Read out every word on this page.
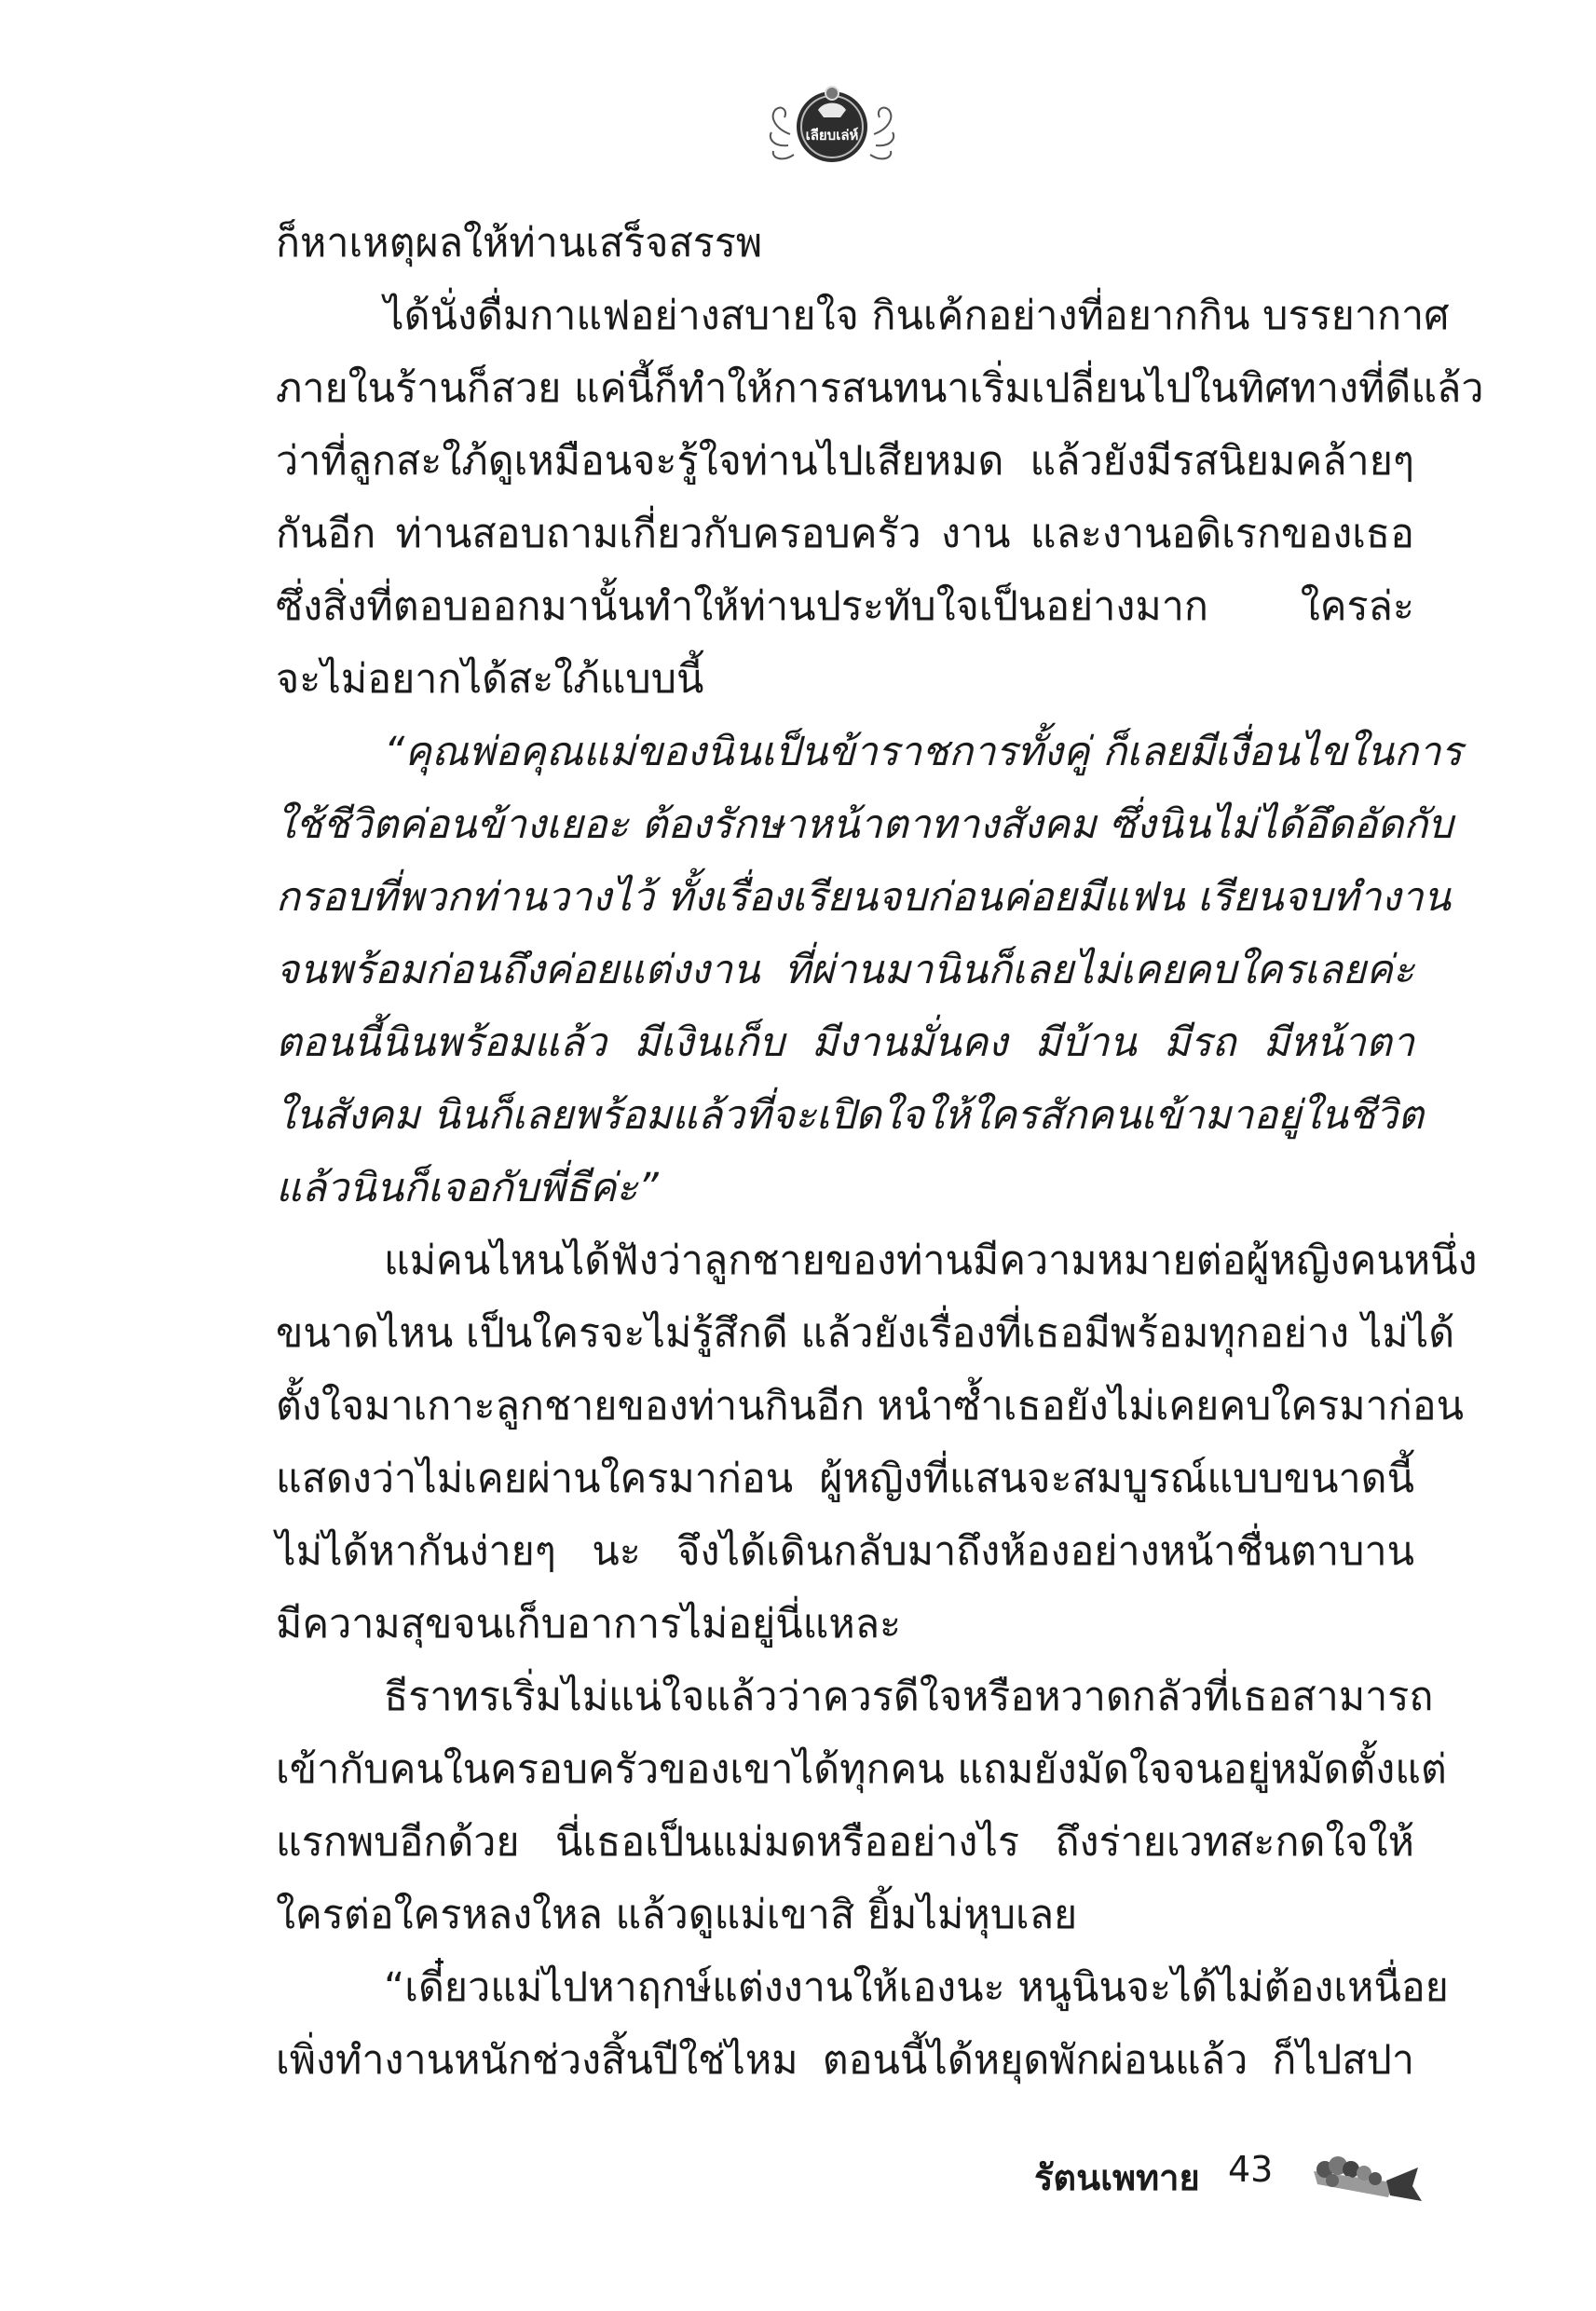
เลียบเล่ห์
ก็หาเหตุผลให้ท่านเสร็จสรรพ
ได้นั่งดื่มกาแฟอย่างสบายใจ กินเค้กอย่างที่อยากกิน บรรยากาศ
ภายในร้านก็สวย แค่นี้ก็ทำให้การสนทนาเริ่มเปลี่ยนไปในทิศทางที่ดีแล้ว
ว่าที่ลูกสะใภ้ดูเหมือนจะรู้ใจท่านไปเสียหมด แล้วยังมีรสนิยมคล้ายๆ
กันอีก ท่านสอบถามเกี่ยวกับครอบครัว งาน และงานอดิเรกของเธอ
ซึ่งสิ่งที่ตอบออกมานั้นทำให้ท่านประทับใจเป็นอย่างมาก ใครล่ะ
จะไม่อยากได้สะใภ้แบบนี้
“คุณพ่อคุณแม่ของนินเป็นข้าราชการทั้งคู่ ก็เลยมีเงื่อนไขในการ
ใช้ชีวิตค่อนข้างเยอะ ต้องรักษาหน้าตาทางสังคม ซึ่งนินไม่ได้อึดอัดกับ
กรอบที่พวกท่านวางไว้ ทั้งเรื่องเรียนจบก่อนค่อยมีแฟน เรียนจบทำงาน
จนพร้อมก่อนถึงค่อยแต่งงาน ที่ผ่านมานินก็เลยไม่เคยคบใครเลยค่ะ
ตอนนี้นินพร้อมแล้ว มีเงินเก็บ มีงานมั่นคง มีบ้าน มีรถ มีหน้าตา
ในสังคม นินก็เลยพร้อมแล้วที่จะเปิดใจให้ใครสักคนเข้ามาอยู่ในชีวิต
แล้วนินก็เจอกับพี่ธีค่ะ”
แม่คนไหนได้ฟังว่าลูกชายของท่านมีความหมายต่อผู้หญิงคนหนึ่ง
ขนาดไหน เป็นใครจะไม่รู้สึกดี แล้วยังเรื่องที่เธอมีพร้อมทุกอย่าง ไม่ได้
ตั้งใจมาเกาะลูกชายของท่านกินอีก หนำซ้ำเธอยังไม่เคยคบใครมาก่อน
แสดงว่าไม่เคยผ่านใครมาก่อน ผู้หญิงที่แสนจะสมบูรณ์แบบขนาดนี้
ไม่ได้หากันง่ายๆ นะ จึงได้เดินกลับมาถึงห้องอย่างหน้าชื่นตาบาน
มีความสุขจนเก็บอาการไม่อยู่นี่แหละ
ธีราทรเริ่มไม่แน่ใจแล้วว่าควรดีใจหรือหวาดกลัวที่เธอสามารถ
เข้ากับคนในครอบครัวของเขาได้ทุกคน แถมยังมัดใจจนอยู่หมัดตั้งแต่
แรกพบอีกด้วย นี่เธอเป็นแม่มดหรืออย่างไร ถึงร่ายเวทสะกดใจให้
ใครต่อใครหลงใหล แล้วดูแม่เขาสิ ยิ้มไม่หุบเลย
“เดี๋ยวแม่ไปหาฤกษ์แต่งงานให้เองนะ หนูนินจะได้ไม่ต้องเหนื่อย
เพิ่งทำงานหนักช่วงสิ้นปีใช่ไหม ตอนนี้ได้หยุดพักผ่อนแล้ว ก็ไปสปา
รัตนเพทาย 43
